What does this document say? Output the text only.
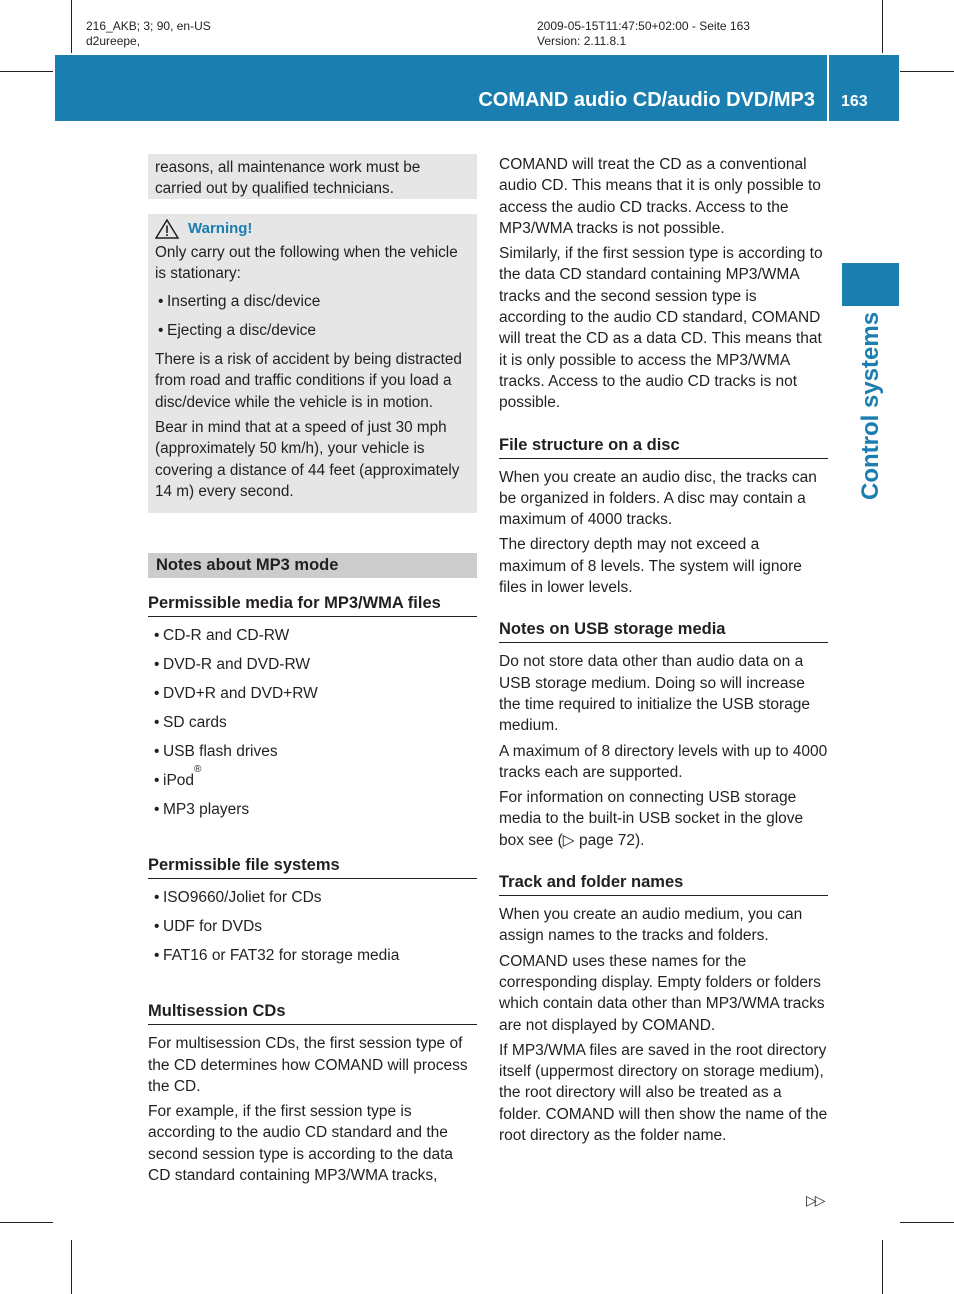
216_AKB; 3; 90, en-US
d2ureepe,
2009-05-15T11:47:50+02:00 - Seite 163
Version: 2.11.8.1
COMAND audio CD/audio DVD/MP3 163
Control systems

reasons, all maintenance work must be carried out by qualified technicians.

Warning!

Only carry out the following when the vehicle is stationary:

• Inserting a disc/device
• Ejecting a disc/device

There is a risk of accident by being distracted from road and traffic conditions if you load a disc/device while the vehicle is in motion.

Bear in mind that at a speed of just 30 mph (approximately 50 km/h), your vehicle is covering a distance of 44 feet (approximately 14 m) every second.

Notes about MP3 mode
Permissible media for MP3/WMA files
• CD-R and CD-RW
• DVD-R and DVD-RW
• DVD+R and DVD+RW
• SD cards
• USB flash drives
• iPod
®
• MP3 players
Permissible file systems
• ISO9660/Joliet for CDs
• UDF for DVDs
• FAT16 or FAT32 for storage media
Multisession CDs

For multisession CDs, the first session type of the CD determines how COMAND will process the CD.

For example, if the first session type is according to the audio CD standard and the second session type is according to the data CD standard containing MP3/WMA tracks,

COMAND will treat the CD as a conventional audio CD. This means that it is only possible to access the audio CD tracks. Access to the MP3/WMA tracks is not possible.

Similarly, if the first session type is according to the data CD standard containing MP3/WMA tracks and the second session type is according to the audio CD standard, COMAND will treat the CD as a data CD. This means that it is only possible to access the MP3/WMA tracks. Access to the audio CD tracks is not possible.

File structure on a disc

When you create an audio disc, the tracks can be organized in folders. A disc may contain a maximum of 4000 tracks.

The directory depth may not exceed a maximum of 8 levels. The system will ignore files in lower levels.

Notes on USB storage media

Do not store data other than audio data on a USB storage medium. Doing so will increase the time required to initialize the USB storage medium.

A maximum of 8 directory levels with up to 4000 tracks each are supported.

For information on connecting USB storage media to the built-in USB socket in the glove box see (▷ page 72).

Track and folder names

When you create an audio medium, you can assign names to the tracks and folders.

COMAND uses these names for the corresponding display. Empty folders or folders which contain data other than MP3/WMA tracks are not displayed by COMAND.

If MP3/WMA files are saved in the root directory itself (uppermost directory on storage medium), the root directory will also be treated as a folder. COMAND will then show the name of the root directory as the folder name.

▷▷
